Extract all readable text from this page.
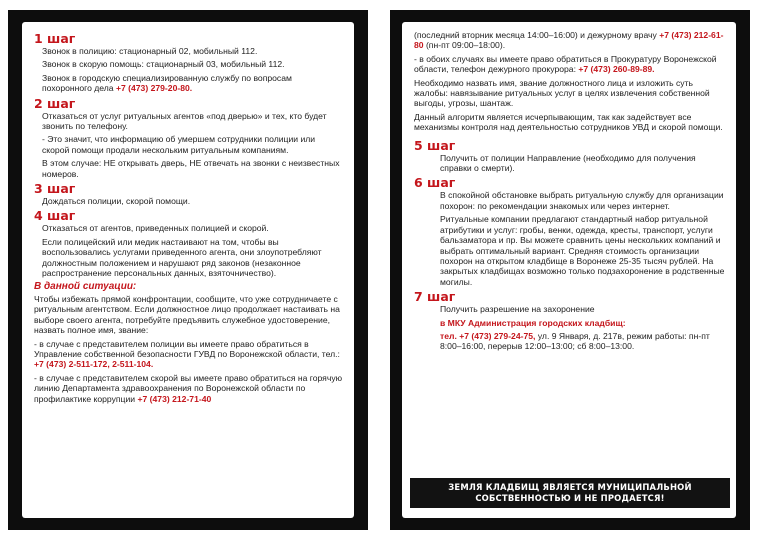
1 шаг
Звонок в полицию: стационарный 02, мобильный 112.
Звонок в скорую помощь: стационарный 03, мобильный 112.
Звонок в городскую специализированную службу по вопросам похоронного дела +7 (473) 279-20-80.
2 шаг
Отказаться от услуг ритуальных агентов «под дверью» и тех, кто будет звонить по телефону.
- Это значит, что информацию об умершем сотрудники полиции или скорой помощи продали нескольким ритуальным компаниям.
В этом случае: НЕ открывать дверь, НЕ отвечать на звонки с неизвестных номеров.
3 шаг
Дождаться полиции, скорой помощи.
4 шаг
Отказаться от агентов, приведенных полицией и скорой.
Если полицейский или медик настаивают на том, чтобы вы воспользовались услугами приведенного агента, они злоупотребляют должностным положением и нарушают ряд законов (незаконное распространение персональных данных, взяточничество).
В данной ситуации:
Чтобы избежать прямой конфронтации, сообщите, что уже сотрудничаете с ритуальным агентством. Если должностное лицо продолжает настаивать на выборе своего агента, потребуйте предъявить служебное удостоверение, назвать полное имя, звание:
- в случае с представителем полиции вы имеете право обратиться в Управление собственной безопасности ГУВД по Воронежской области, тел.: +7 (473) 2-511-172, 2-511-104.
- в случае с представителем скорой вы имеете право обратиться на горячую линию Департамента здравоохранения по Воронежской области по профилактике коррупции +7 (473) 212-71-40
(последний вторник месяца 14:00–16:00) и дежурному врачу +7 (473) 212-61-80 (пн-пт 09:00–18:00).
- в обоих случаях вы имеете право обратиться в Прокуратуру Воронежской области, телефон дежурного прокурора: +7 (473) 260-89-89.
Необходимо назвать имя, звание должностного лица и изложить суть жалобы: навязывание ритуальных услуг в целях извлечения собственной выгоды, угрозы, шантаж.
Данный алгоритм является исчерпывающим, так как задействует все механизмы контроля над деятельностью сотрудников УВД и скорой помощи.
5 шаг
Получить от полиции Направление (необходимо для получения справки о смерти).
6 шаг
В спокойной обстановке выбрать ритуальную службу для организации похорон: по рекомендации знакомых или через интернет.
Ритуальные компании предлагают стандартный набор ритуальной атрибутики и услуг: гробы, венки, одежда, кресты, транспорт, услуги бальзаматора и пр. Вы можете сравнить цены нескольких компаний и выбрать оптимальный вариант. Средняя стоимость организации похорон на открытом кладбище в Воронеже 25-35 тысяч рублей. На закрытых кладбищах возможно только подзахоронение в родственные могилы.
7 шаг
Получить разрешение на захоронение
в МКУ Администрация городских кладбищ:
тел. +7 (473) 279-24-75, ул. 9 Января, д. 217в, режим работы: пн-пт 8:00–16:00, перерыв 12:00–13:00; сб 8:00–13:00.
ЗЕМЛЯ КЛАДБИЩ ЯВЛЯЕТСЯ МУНИЦИПАЛЬНОЙ
СОБСТВЕННОСТЬЮ И НЕ ПРОДАЕТСЯ!
